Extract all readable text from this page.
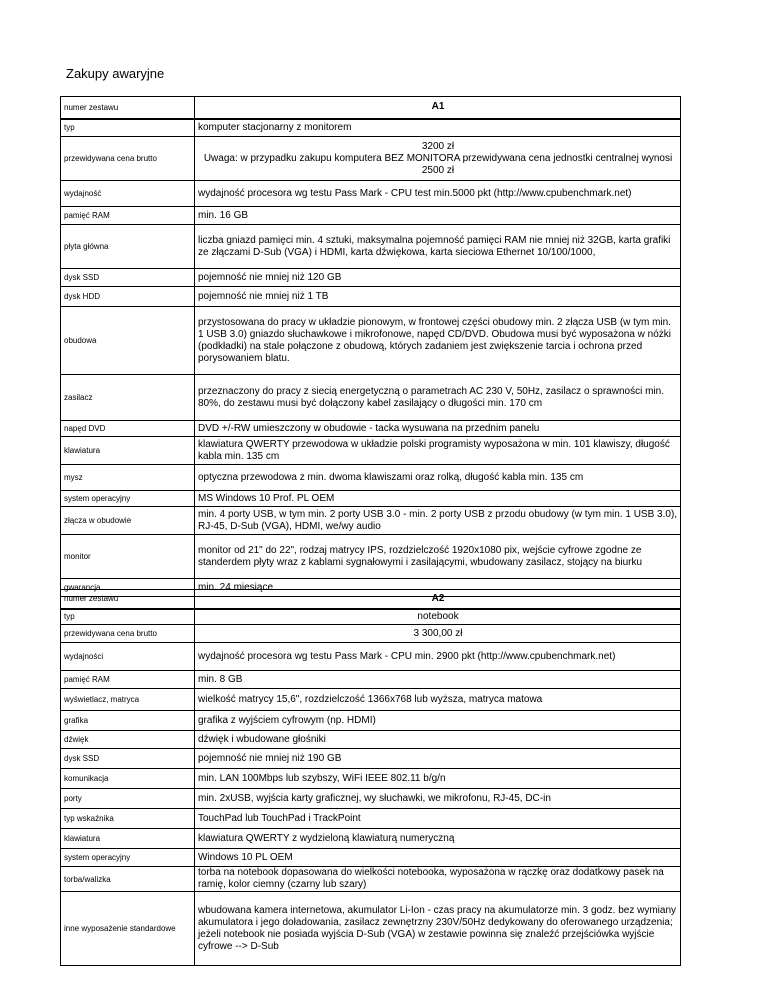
Zakupy awaryjne
numer zestawu	A1
typ	komputer stacjonarny z monitorem
przewidywana cena brutto	3200 zł
Uwaga: w przypadku zakupu komputera BEZ MONITORA przewidywana cena jednostki centralnej wynosi 2500 zł
wydajność	wydajność procesora wg testu Pass Mark - CPU test min.5000 pkt (http://www.cpubenchmark.net)
pamięć RAM	min. 16 GB
płyta główna	liczba gniazd pamięci min. 4 sztuki, maksymalna pojemność pamięci RAM nie mniej niż 32GB, karta grafiki ze złączami D-Sub (VGA) i HDMI, karta dźwiękowa, karta sieciowa Ethernet 10/100/1000,
dysk SSD	pojemność nie mniej niż 120 GB
dysk HDD	pojemność nie mniej niż 1 TB
obudowa	przystosowana do pracy w układzie pionowym, w frontowej części obudowy min. 2 złącza USB (w tym min. 1 USB 3.0) gniazdo słuchawkowe i mikrofonowe, napęd CD/DVD. Obudowa musi być wyposażona w nóżki (podkładki) na stale połączone z obudową, których zadaniem jest zwiększenie tarcia i ochrona przed porysowaniem blatu.
zasilacz	przeznaczony do pracy z siecią energetyczną o parametrach AC 230 V, 50Hz, zasilacz o sprawności min. 80%, do zestawu musi być dołączony kabel zasilający o długości min. 170 cm
napęd DVD	DVD +/-RW umieszczony w obudowie - tacka wysuwana na przednim panelu
klawiatura	klawiatura QWERTY przewodowa w układzie polski programisty wyposażona w min. 101 klawiszy, długość kabla min. 135 cm
mysz	optyczna przewodowa z min. dwoma klawiszami oraz rolką, długość kabla min. 135 cm
system operacyjny	MS Windows 10 Prof. PL OEM
złącza w obudowie	min. 4 porty USB, w tym min. 2 porty USB 3.0 - min. 2 porty USB z przodu obudowy (w tym min. 1 USB 3.0), RJ-45, D-Sub (VGA), HDMI, we/wy audio
monitor	monitor od 21" do 22", rodzaj matrycy IPS, rozdzielczość 1920x1080 pix, wejście cyfrowe zgodne ze standerdem płyty wraz z kablami sygnałowymi i zasilającymi, wbudowany zasilacz, stojący na biurku
gwarancja	min. 24 miesiące
numer zestawu	A2
typ	notebook
przewidywana cena brutto	3 300,00 zł
wydajności	wydajność procesora wg testu Pass Mark - CPU min. 2900 pkt (http://www.cpubenchmark.net)
pamięć RAM	min. 8 GB
wyświetlacz, matryca	wielkość matrycy 15,6", rozdzielczość 1366x768 lub wyższa, matryca matowa
grafika	grafika z wyjściem cyfrowym (np. HDMI)
dźwięk	dźwięk i wbudowane głośniki
dysk SSD	pojemność nie mniej niż 190 GB
komunikacja	min. LAN 100Mbps lub szybszy, WiFi IEEE 802.11 b/g/n
porty	min. 2xUSB, wyjścia karty graficznej, wy słuchawki, we mikrofonu, RJ-45, DC-in
typ wskaźnika	TouchPad lub TouchPad i TrackPoint
klawiatura	klawiatura QWERTY z wydzieloną klawiaturą numeryczną
system operacyjny	Windows 10 PL OEM
torba/walizka	torba na notebook dopasowana do wielkości notebooka, wyposażona w rączkę oraz dodatkowy pasek na ramię, kolor ciemny (czarny lub szary)
inne wyposażenie standardowe	wbudowana kamera internetowa, akumulator Li-Ion - czas pracy na akumulatorze min. 3 godz. bez wymiany akumulatora i jego doładowania, zasilacz zewnętrzny 230V/50Hz dedykowany do oferowanego urządzenia;
jeżeli notebook nie posiada wyjścia D-Sub (VGA) w zestawie powinna się znaleźć przejściówka wyjście cyfrowe --> D-Sub
